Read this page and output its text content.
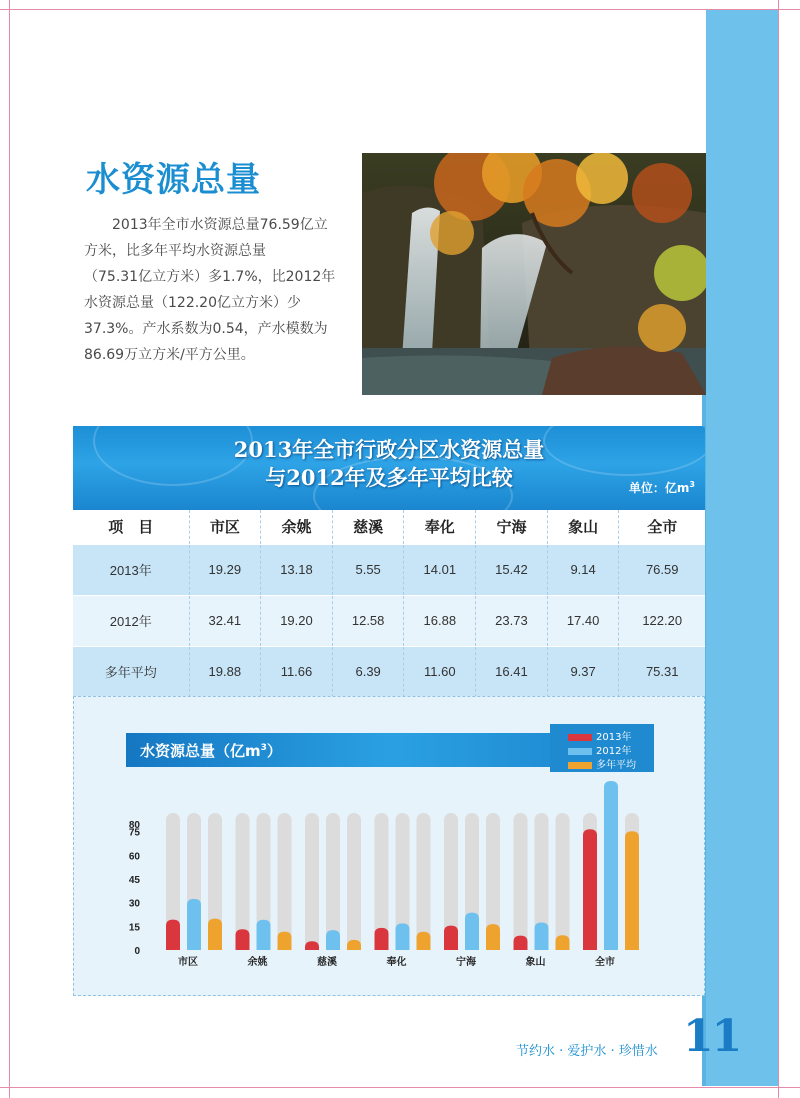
水资源总量
2013年全市水资源总量76.59亿立
方米，比多年平均水资源总量
（75.31亿立方米）多1.7%，比2012年
水资源总量（122.20亿立方米）少
37.3%。产水系数为0.54，产水模数为
86.69万立方米/平方公里。
2013年全市行政分区水资源总量
与2012年及多年平均比较	单位：亿$m^3$
项　目	市区	余姚	慈溪	奉化	宁海	象山	全市
2013年	19.29	13.18	5.55	14.01	15.42	9.14	76.59
2012年	32.41	19.20	12.58	16.88	23.73	17.40	122.20
多年平均	19.88	11.66	6.39	11.60	16.41	9.37	75.31
水资源总量（亿$m^3$）
2013年
2012年
多年平均
0
15
30
45
60
75
80
市区	余姚	慈溪	奉化	宁海	象山	全市
节约水 · 爱护水 · 珍惜水 11
